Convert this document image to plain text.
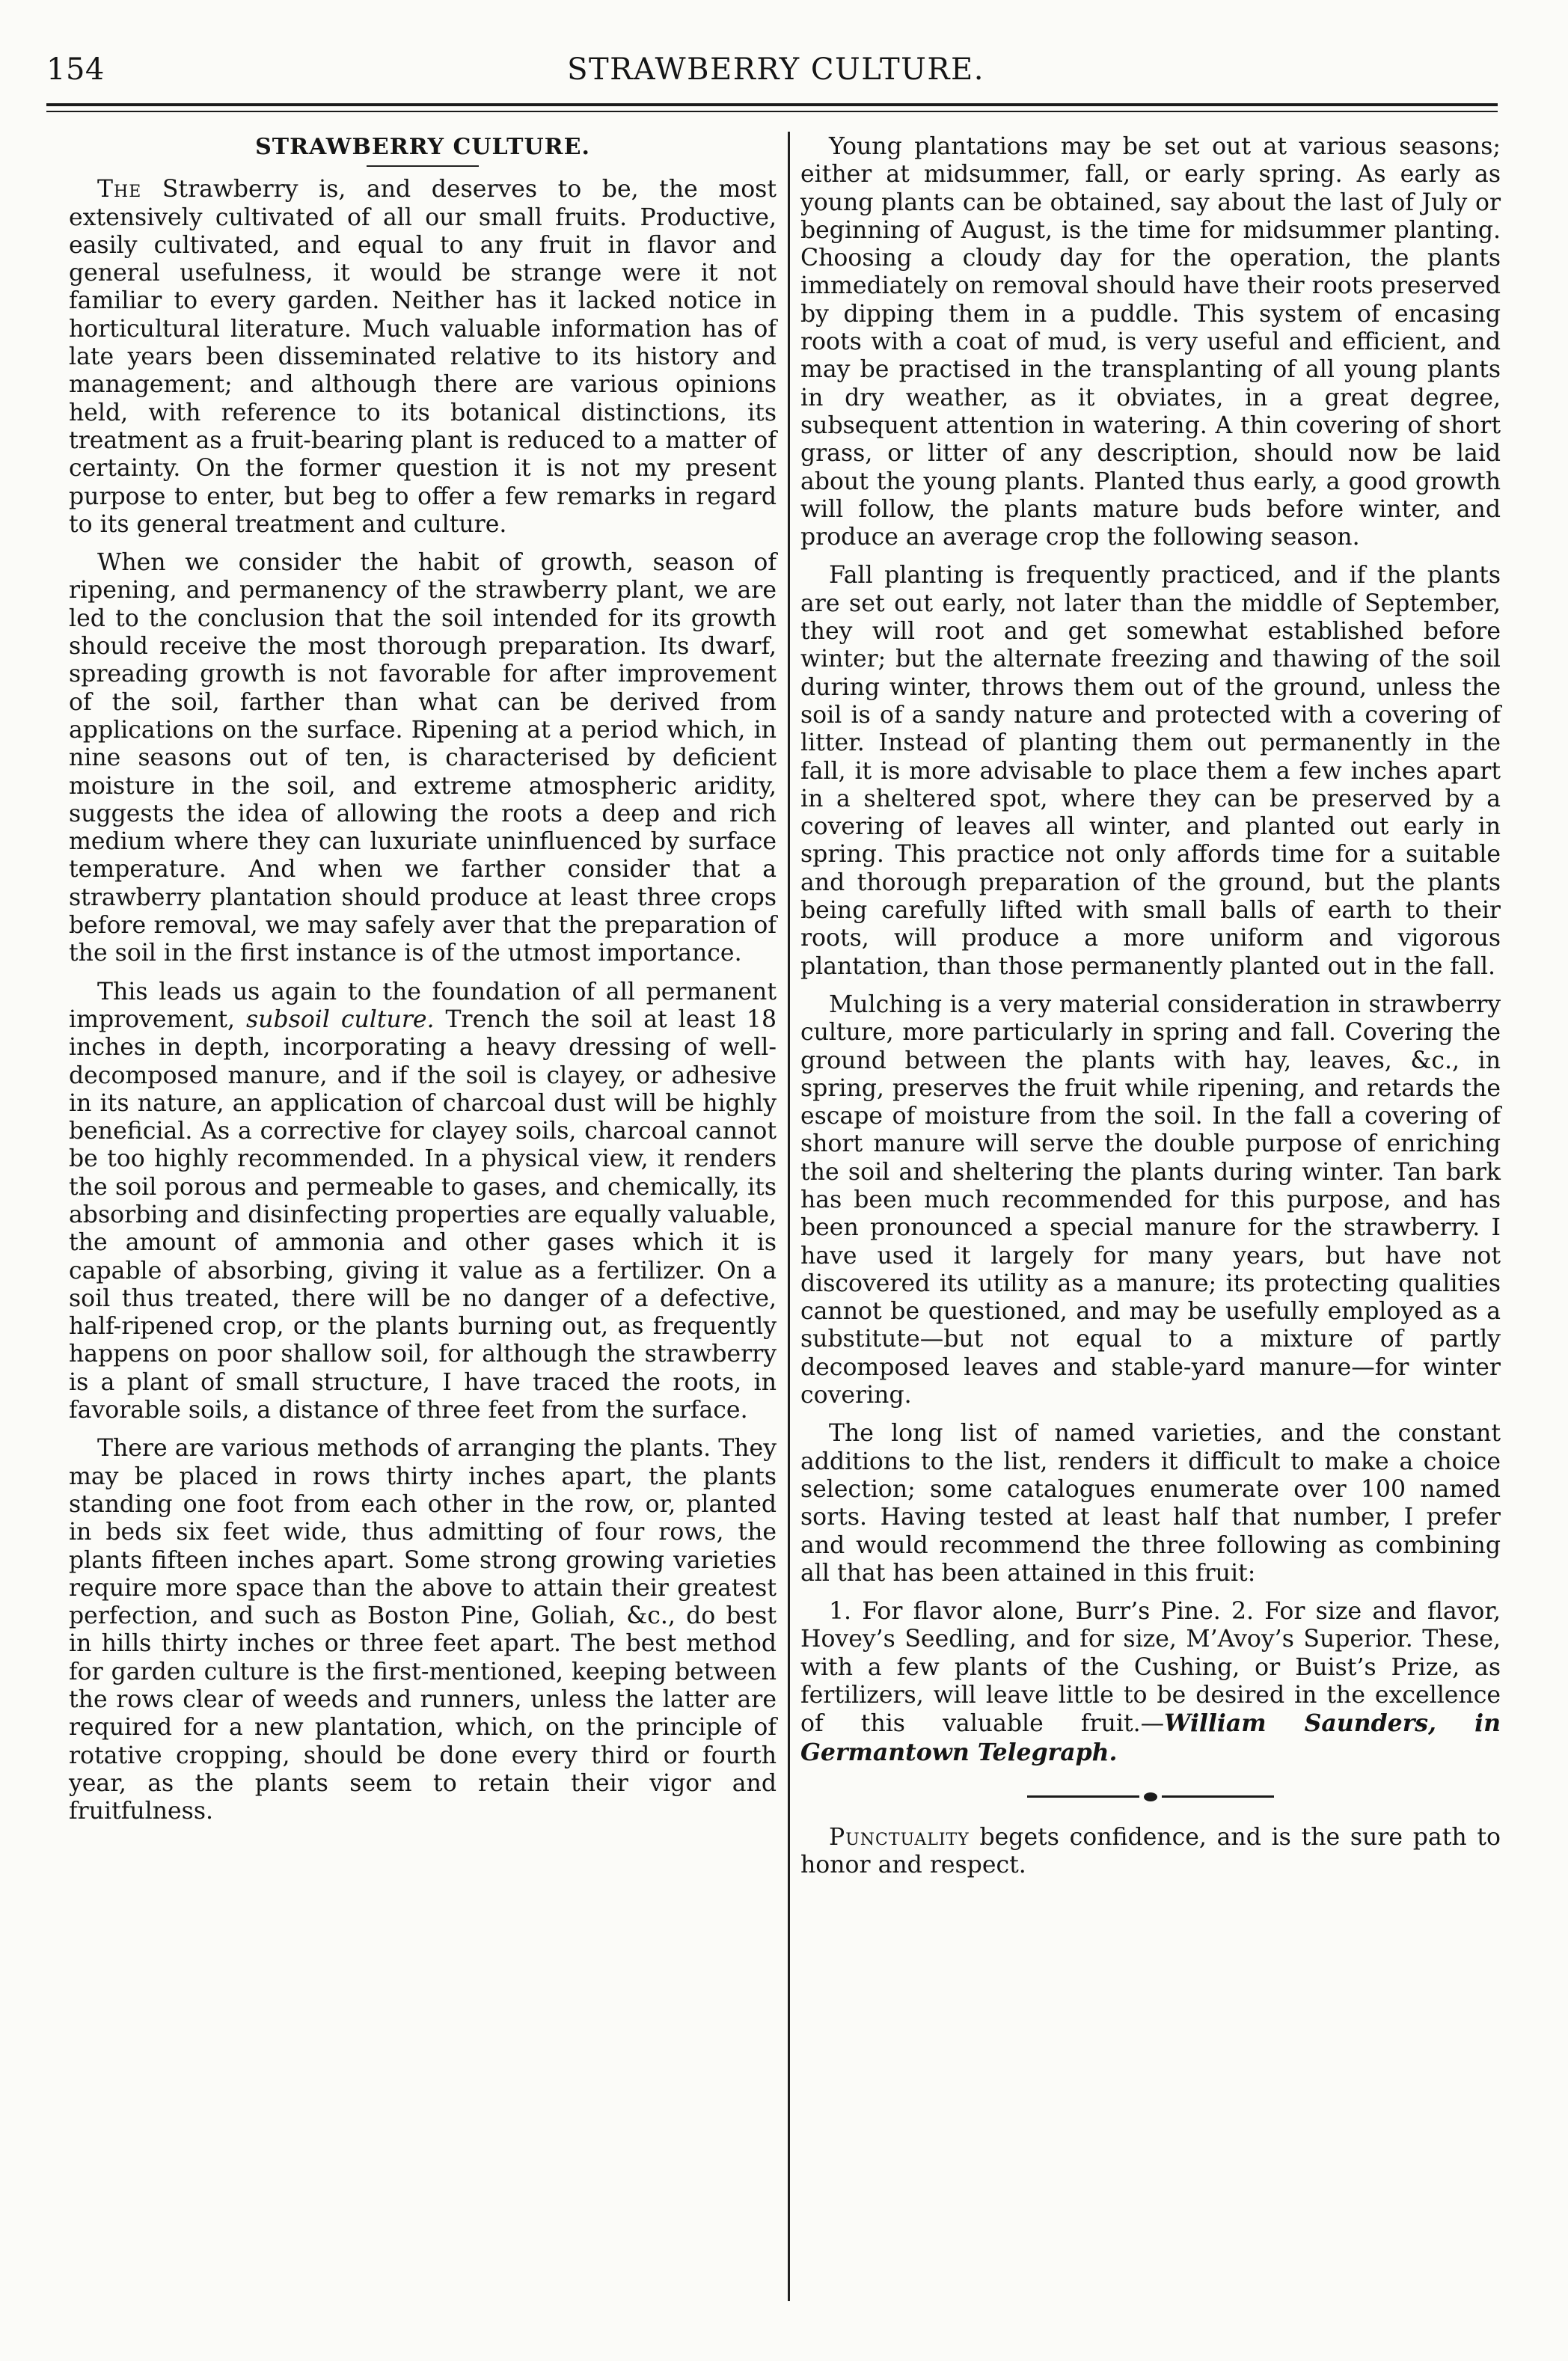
154	STRAWBERRY CULTURE.
STRAWBERRY CULTURE.

The Strawberry is, and deserves to be, the most extensively cultivated of all our small fruits. Productive, easily cultivated, and equal to any fruit in flavor and general usefulness, it would be strange were it not familiar to every garden. Neither has it lacked notice in horticultural literature. Much valuable information has of late years been disseminated relative to its history and management; and although there are various opinions held, with reference to its botanical distinctions, its treatment as a fruit-bearing plant is reduced to a matter of certainty. On the former question it is not my present purpose to enter, but beg to offer a few remarks in regard to its general treatment and culture.

When we consider the habit of growth, season of ripening, and permanency of the strawberry plant, we are led to the conclusion that the soil intended for its growth should receive the most thorough preparation. Its dwarf, spreading growth is not favorable for after improvement of the soil, farther than what can be derived from applications on the surface. Ripening at a period which, in nine seasons out of ten, is characterised by deficient moisture in the soil, and extreme atmospheric aridity, suggests the idea of allowing the roots a deep and rich medium where they can luxuriate uninfluenced by surface temperature. And when we farther consider that a strawberry plantation should produce at least three crops before removal, we may safely aver that the preparation of the soil in the first instance is of the utmost importance.

This leads us again to the foundation of all permanent improvement, subsoil culture. Trench the soil at least 18 inches in depth, incorporating a heavy dressing of well-decomposed manure, and if the soil is clayey, or adhesive in its nature, an application of charcoal dust will be highly beneficial. As a corrective for clayey soils, charcoal cannot be too highly recommended. In a physical view, it renders the soil porous and permeable to gases, and chemically, its absorbing and disinfecting properties are equally valuable, the amount of ammonia and other gases which it is capable of absorbing, giving it value as a fertilizer. On a soil thus treated, there will be no danger of a defective, half-ripened crop, or the plants burning out, as frequently happens on poor shallow soil, for although the strawberry is a plant of small structure, I have traced the roots, in favorable soils, a distance of three feet from the surface.

There are various methods of arranging the plants. They may be placed in rows thirty inches apart, the plants standing one foot from each other in the row, or, planted in beds six feet wide, thus admitting of four rows, the plants fifteen inches apart. Some strong growing varieties require more space than the above to attain their greatest perfection, and such as Boston Pine, Goliah, &c., do best in hills thirty inches or three feet apart. The best method for garden culture is the first-mentioned, keeping between the rows clear of weeds and runners, unless the latter are required for a new plantation, which, on the principle of rotative cropping, should be done every third or fourth year, as the plants seem to retain their vigor and fruitfulness.

Young plantations may be set out at various seasons; either at midsummer, fall, or early spring. As early as young plants can be obtained, say about the last of July or beginning of August, is the time for midsummer planting. Choosing a cloudy day for the operation, the plants immediately on removal should have their roots preserved by dipping them in a puddle. This system of encasing roots with a coat of mud, is very useful and efficient, and may be practised in the transplanting of all young plants in dry weather, as it obviates, in a great degree, subsequent attention in watering. A thin covering of short grass, or litter of any description, should now be laid about the young plants. Planted thus early, a good growth will follow, the plants mature buds before winter, and produce an average crop the following season.

Fall planting is frequently practiced, and if the plants are set out early, not later than the middle of September, they will root and get somewhat established before winter; but the alternate freezing and thawing of the soil during winter, throws them out of the ground, unless the soil is of a sandy nature and protected with a covering of litter. Instead of planting them out permanently in the fall, it is more advisable to place them a few inches apart in a sheltered spot, where they can be preserved by a covering of leaves all winter, and planted out early in spring. This practice not only affords time for a suitable and thorough preparation of the ground, but the plants being carefully lifted with small balls of earth to their roots, will produce a more uniform and vigorous plantation, than those permanently planted out in the fall.

Mulching is a very material consideration in strawberry culture, more particularly in spring and fall. Covering the ground between the plants with hay, leaves, &c., in spring, preserves the fruit while ripening, and retards the escape of moisture from the soil. In the fall a covering of short manure will serve the double purpose of enriching the soil and sheltering the plants during winter. Tan bark has been much recommended for this purpose, and has been pronounced a special manure for the strawberry. I have used it largely for many years, but have not discovered its utility as a manure; its protecting qualities cannot be questioned, and may be usefully employed as a substitute—but not equal to a mixture of partly decomposed leaves and stable-yard manure—for winter covering.

The long list of named varieties, and the constant additions to the list, renders it difficult to make a choice selection; some catalogues enumerate over 100 named sorts. Having tested at least half that number, I prefer and would recommend the three following as combining all that has been attained in this fruit:

1. For flavor alone, Burr’s Pine. 2. For size and flavor, Hovey’s Seedling, and for size, M’Avoy’s Superior. These, with a few plants of the Cushing, or Buist’s Prize, as fertilizers, will leave little to be desired in the excellence of this valuable fruit.—William Saunders, in Germantown Telegraph.

Punctuality begets confidence, and is the sure path to honor and respect.
